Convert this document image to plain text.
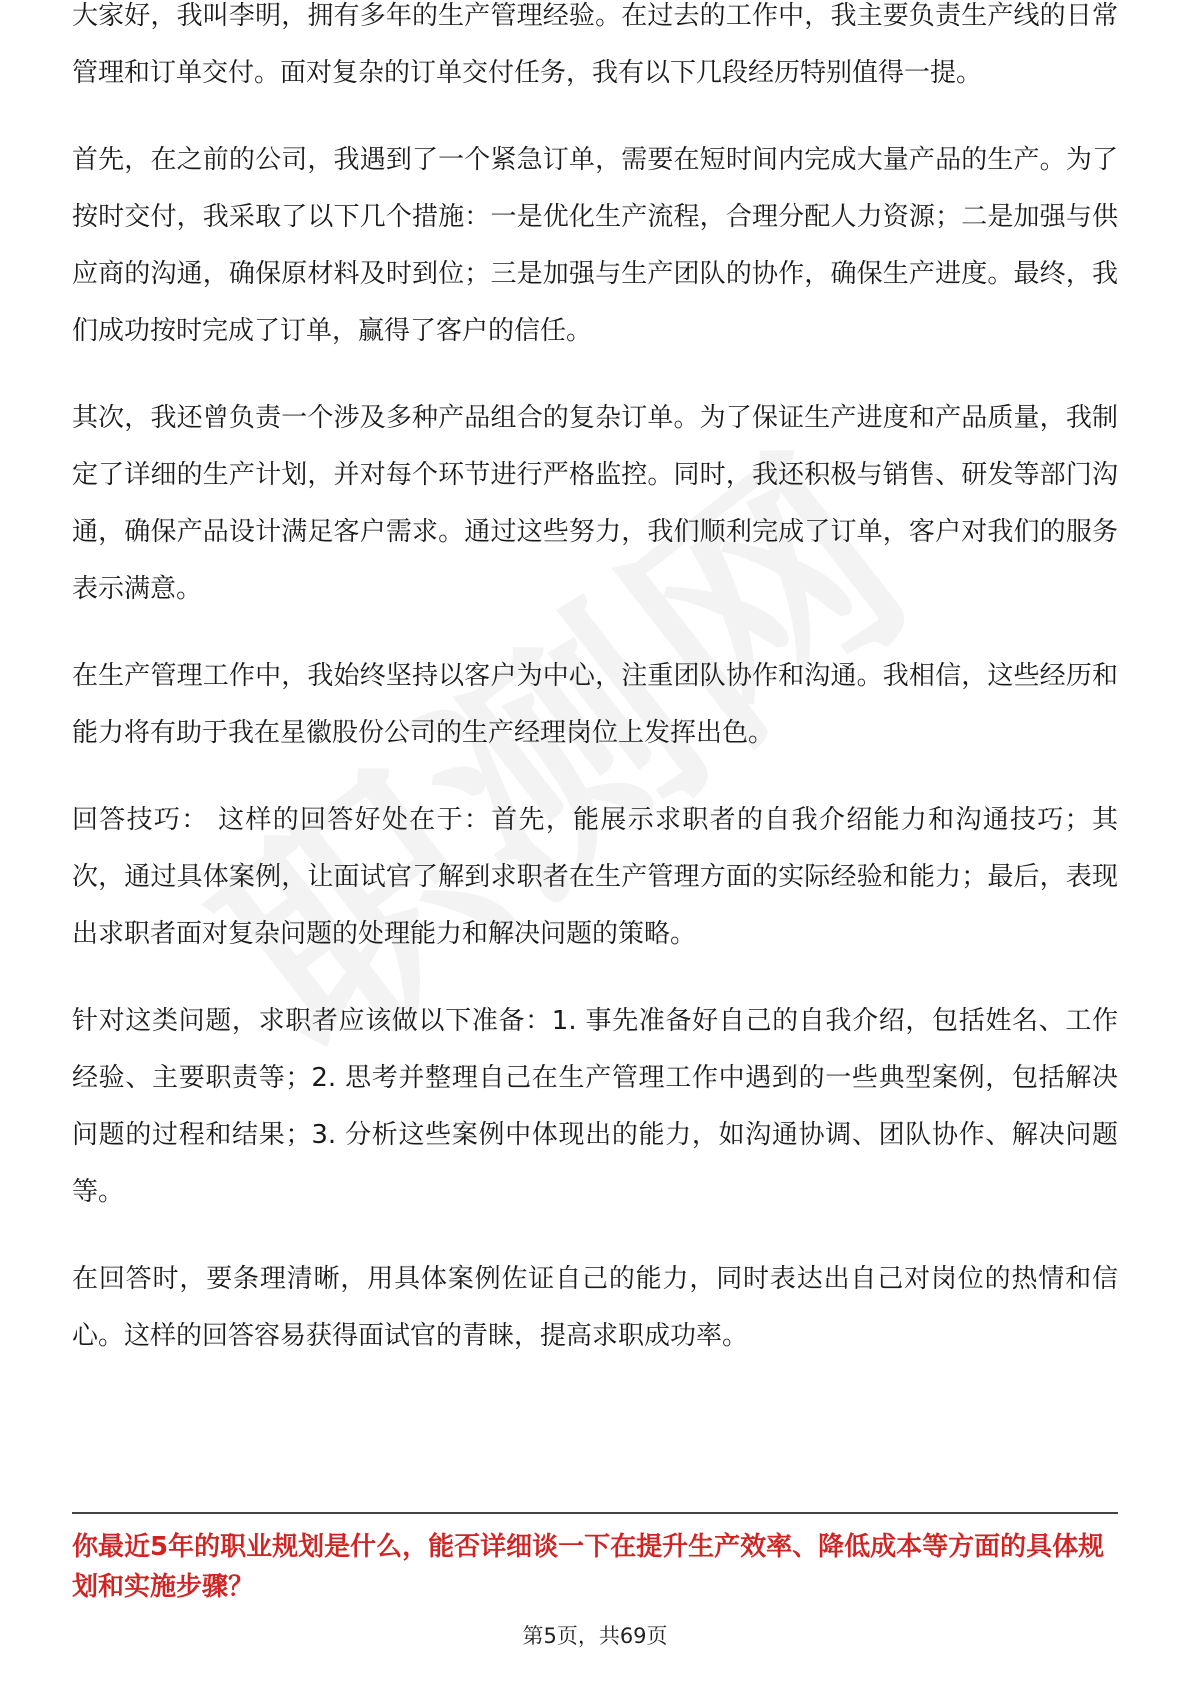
大家好，我叫李明，拥有多年的生产管理经验。在过去的工作中，我主要负责生产线的日常管理和订单交付。面对复杂的订单交付任务，我有以下几段经历特别值得一提。

首先，在之前的公司，我遇到了一个紧急订单，需要在短时间内完成大量产品的生产。为了按时交付，我采取了以下几个措施：一是优化生产流程，合理分配人力资源；二是加强与供应商的沟通，确保原材料及时到位；三是加强与生产团队的协作，确保生产进度。最终，我们成功按时完成了订单，赢得了客户的信任。

其次，我还曾负责一个涉及多种产品组合的复杂订单。为了保证生产进度和产品质量，我制定了详细的生产计划，并对每个环节进行严格监控。同时，我还积极与销售、研发等部门沟通，确保产品设计满足客户需求。通过这些努力，我们顺利完成了订单，客户对我们的服务表示满意。

在生产管理工作中，我始终坚持以客户为中心，注重团队协作和沟通。我相信，这些经历和能力将有助于我在星徽股份公司的生产经理岗位上发挥出色。

回答技巧： 这样的回答好处在于：首先，能展示求职者的自我介绍能力和沟通技巧；其次，通过具体案例，让面试官了解到求职者在生产管理方面的实际经验和能力；最后，表现出求职者面对复杂问题的处理能力和解决问题的策略。

针对这类问题，求职者应该做以下准备：1. 事先准备好自己的自我介绍，包括姓名、工作经验、主要职责等；2. 思考并整理自己在生产管理工作中遇到的一些典型案例，包括解决问题的过程和结果；3. 分析这些案例中体现出的能力，如沟通协调、团队协作、解决问题等。

在回答时，要条理清晰，用具体案例佐证自己的能力，同时表达出自己对岗位的热情和信心。这样的回答容易获得面试官的青睐，提高求职成功率。

你最近5年的职业规划是什么，能否详细谈一下在提升生产效率、降低成本等方面的具体规划和实施步骤？

第5页，共69页
